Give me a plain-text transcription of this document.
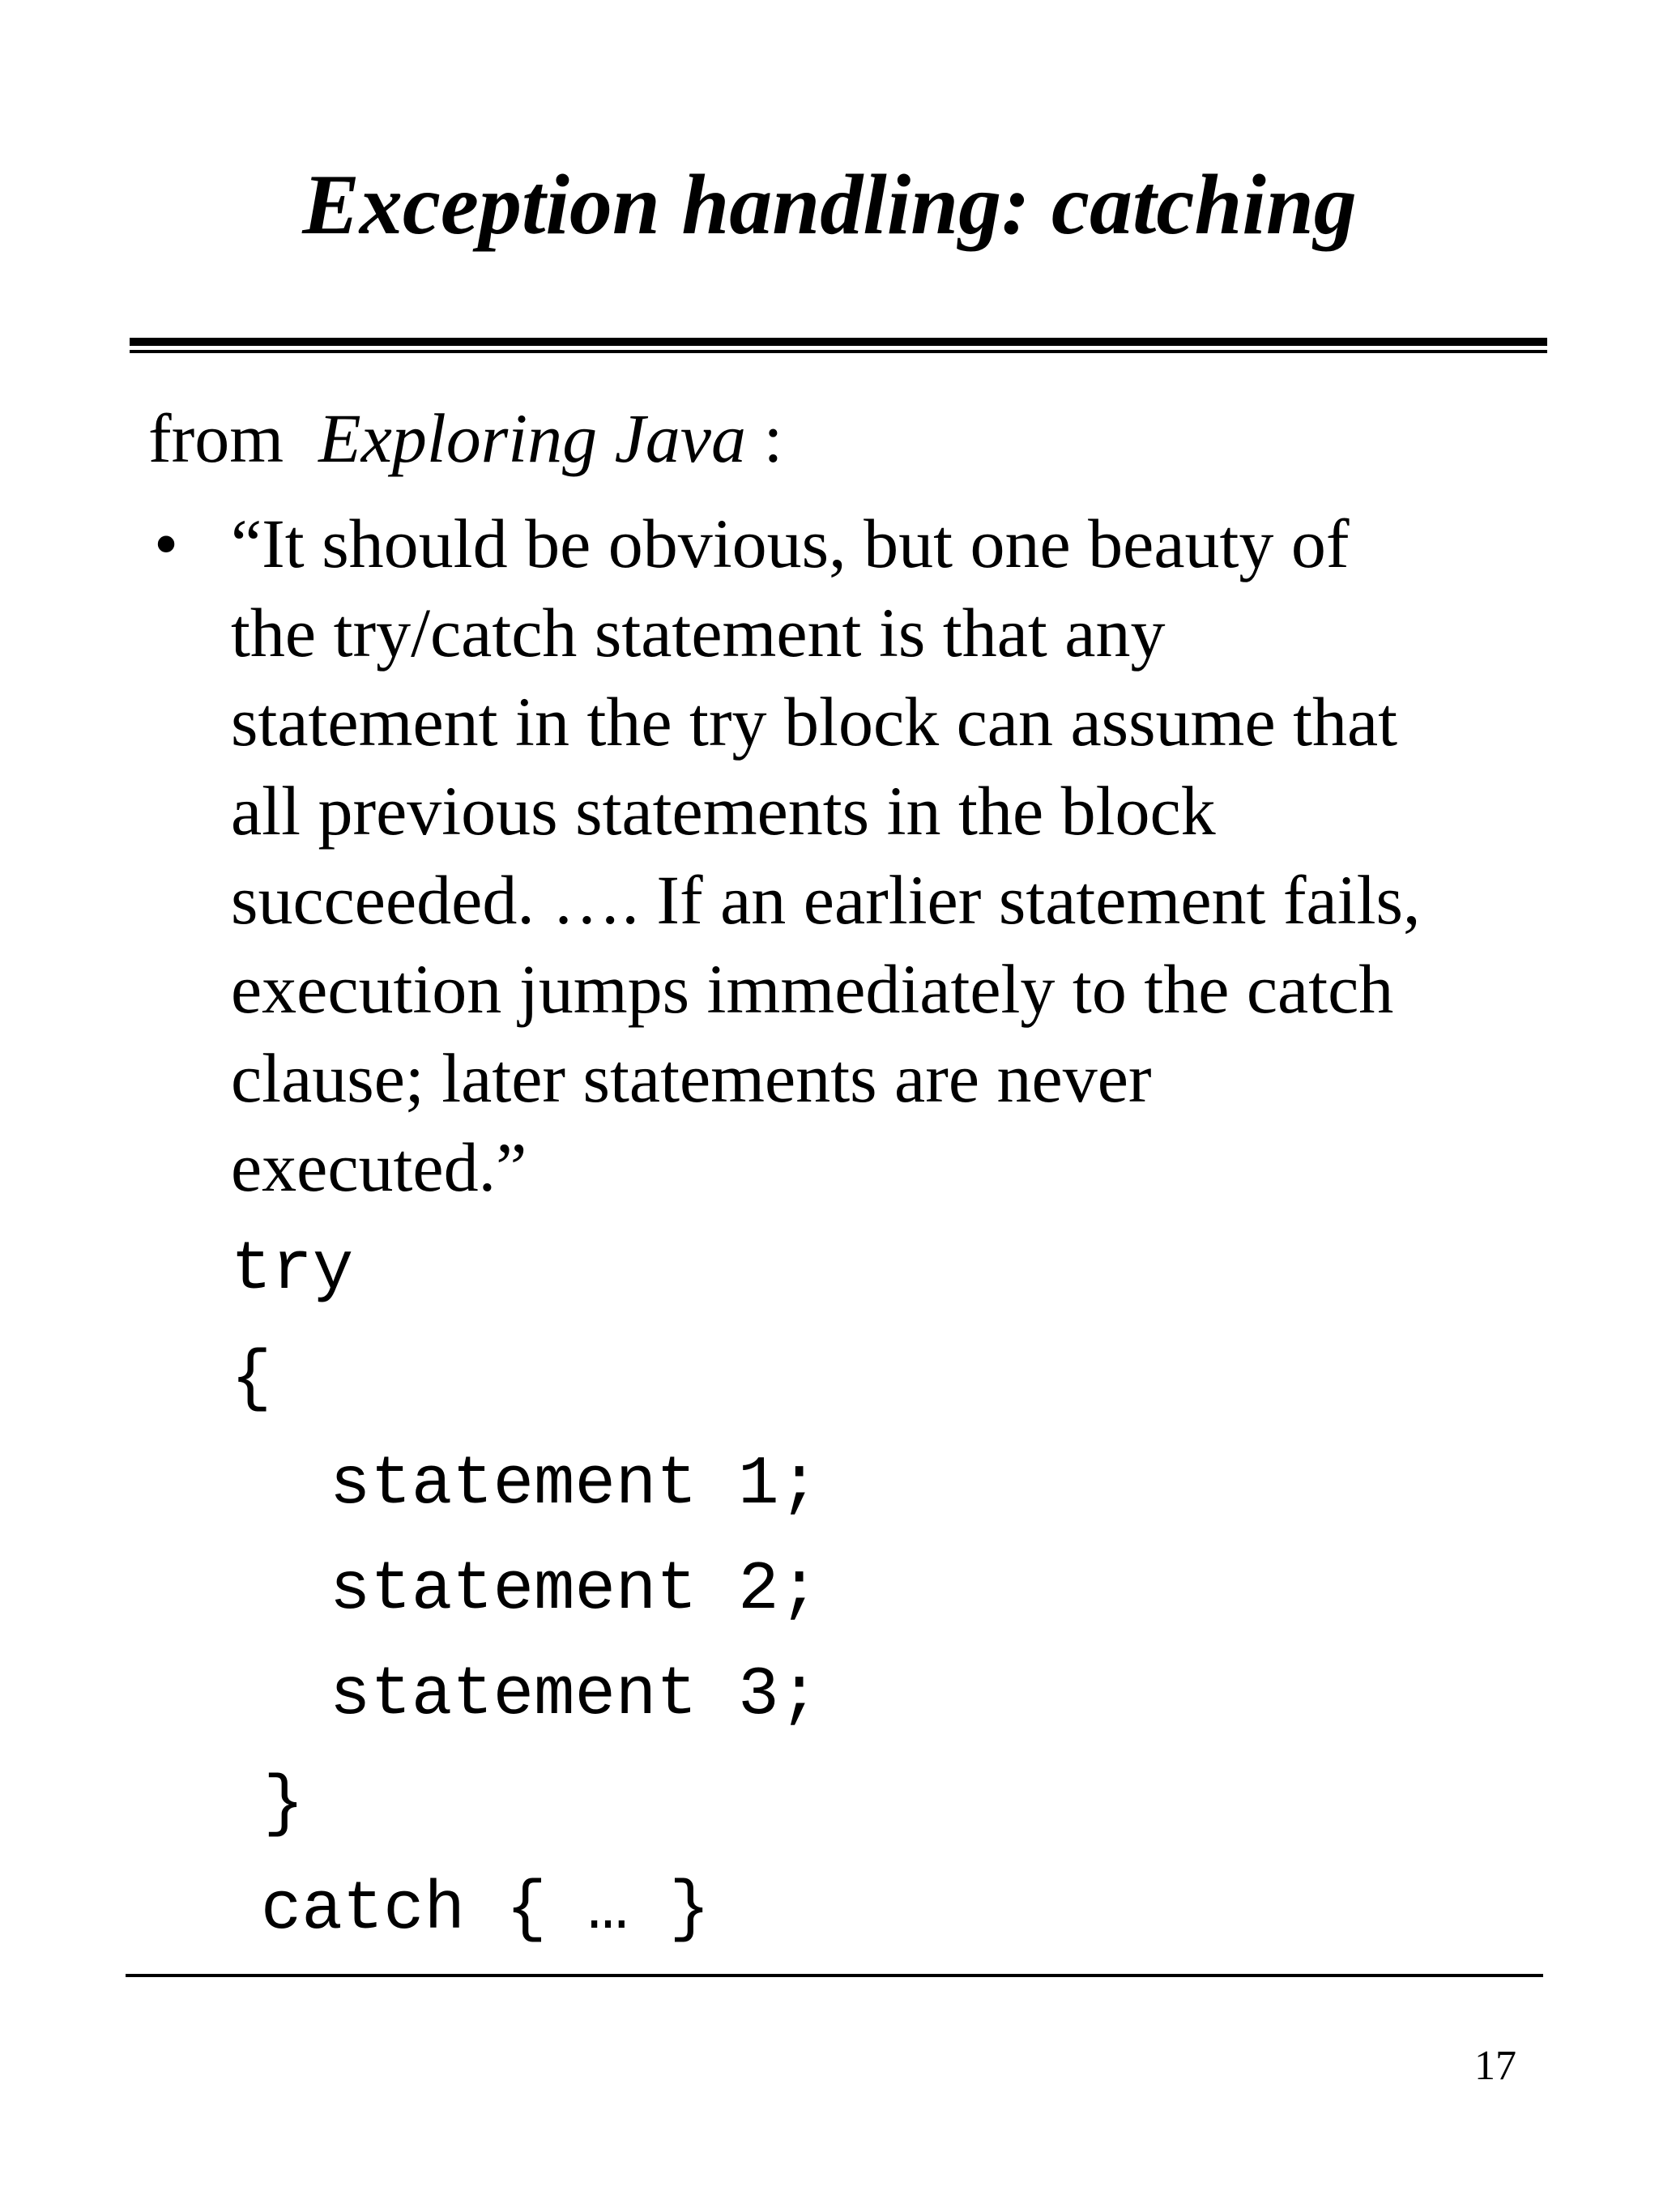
Exception handling: catching
from Exploring Java :
• “It should be obvious, but one beauty of
the try/catch statement is that any
statement in the try block can assume that
all previous statements in the block
succeeded. …. If an earlier statement fails,
execution jumps immediately to the catch
clause; later statements are never
executed.”
try
{
statement 1;
statement 2;
statement 3;
}
catch { … }
17
